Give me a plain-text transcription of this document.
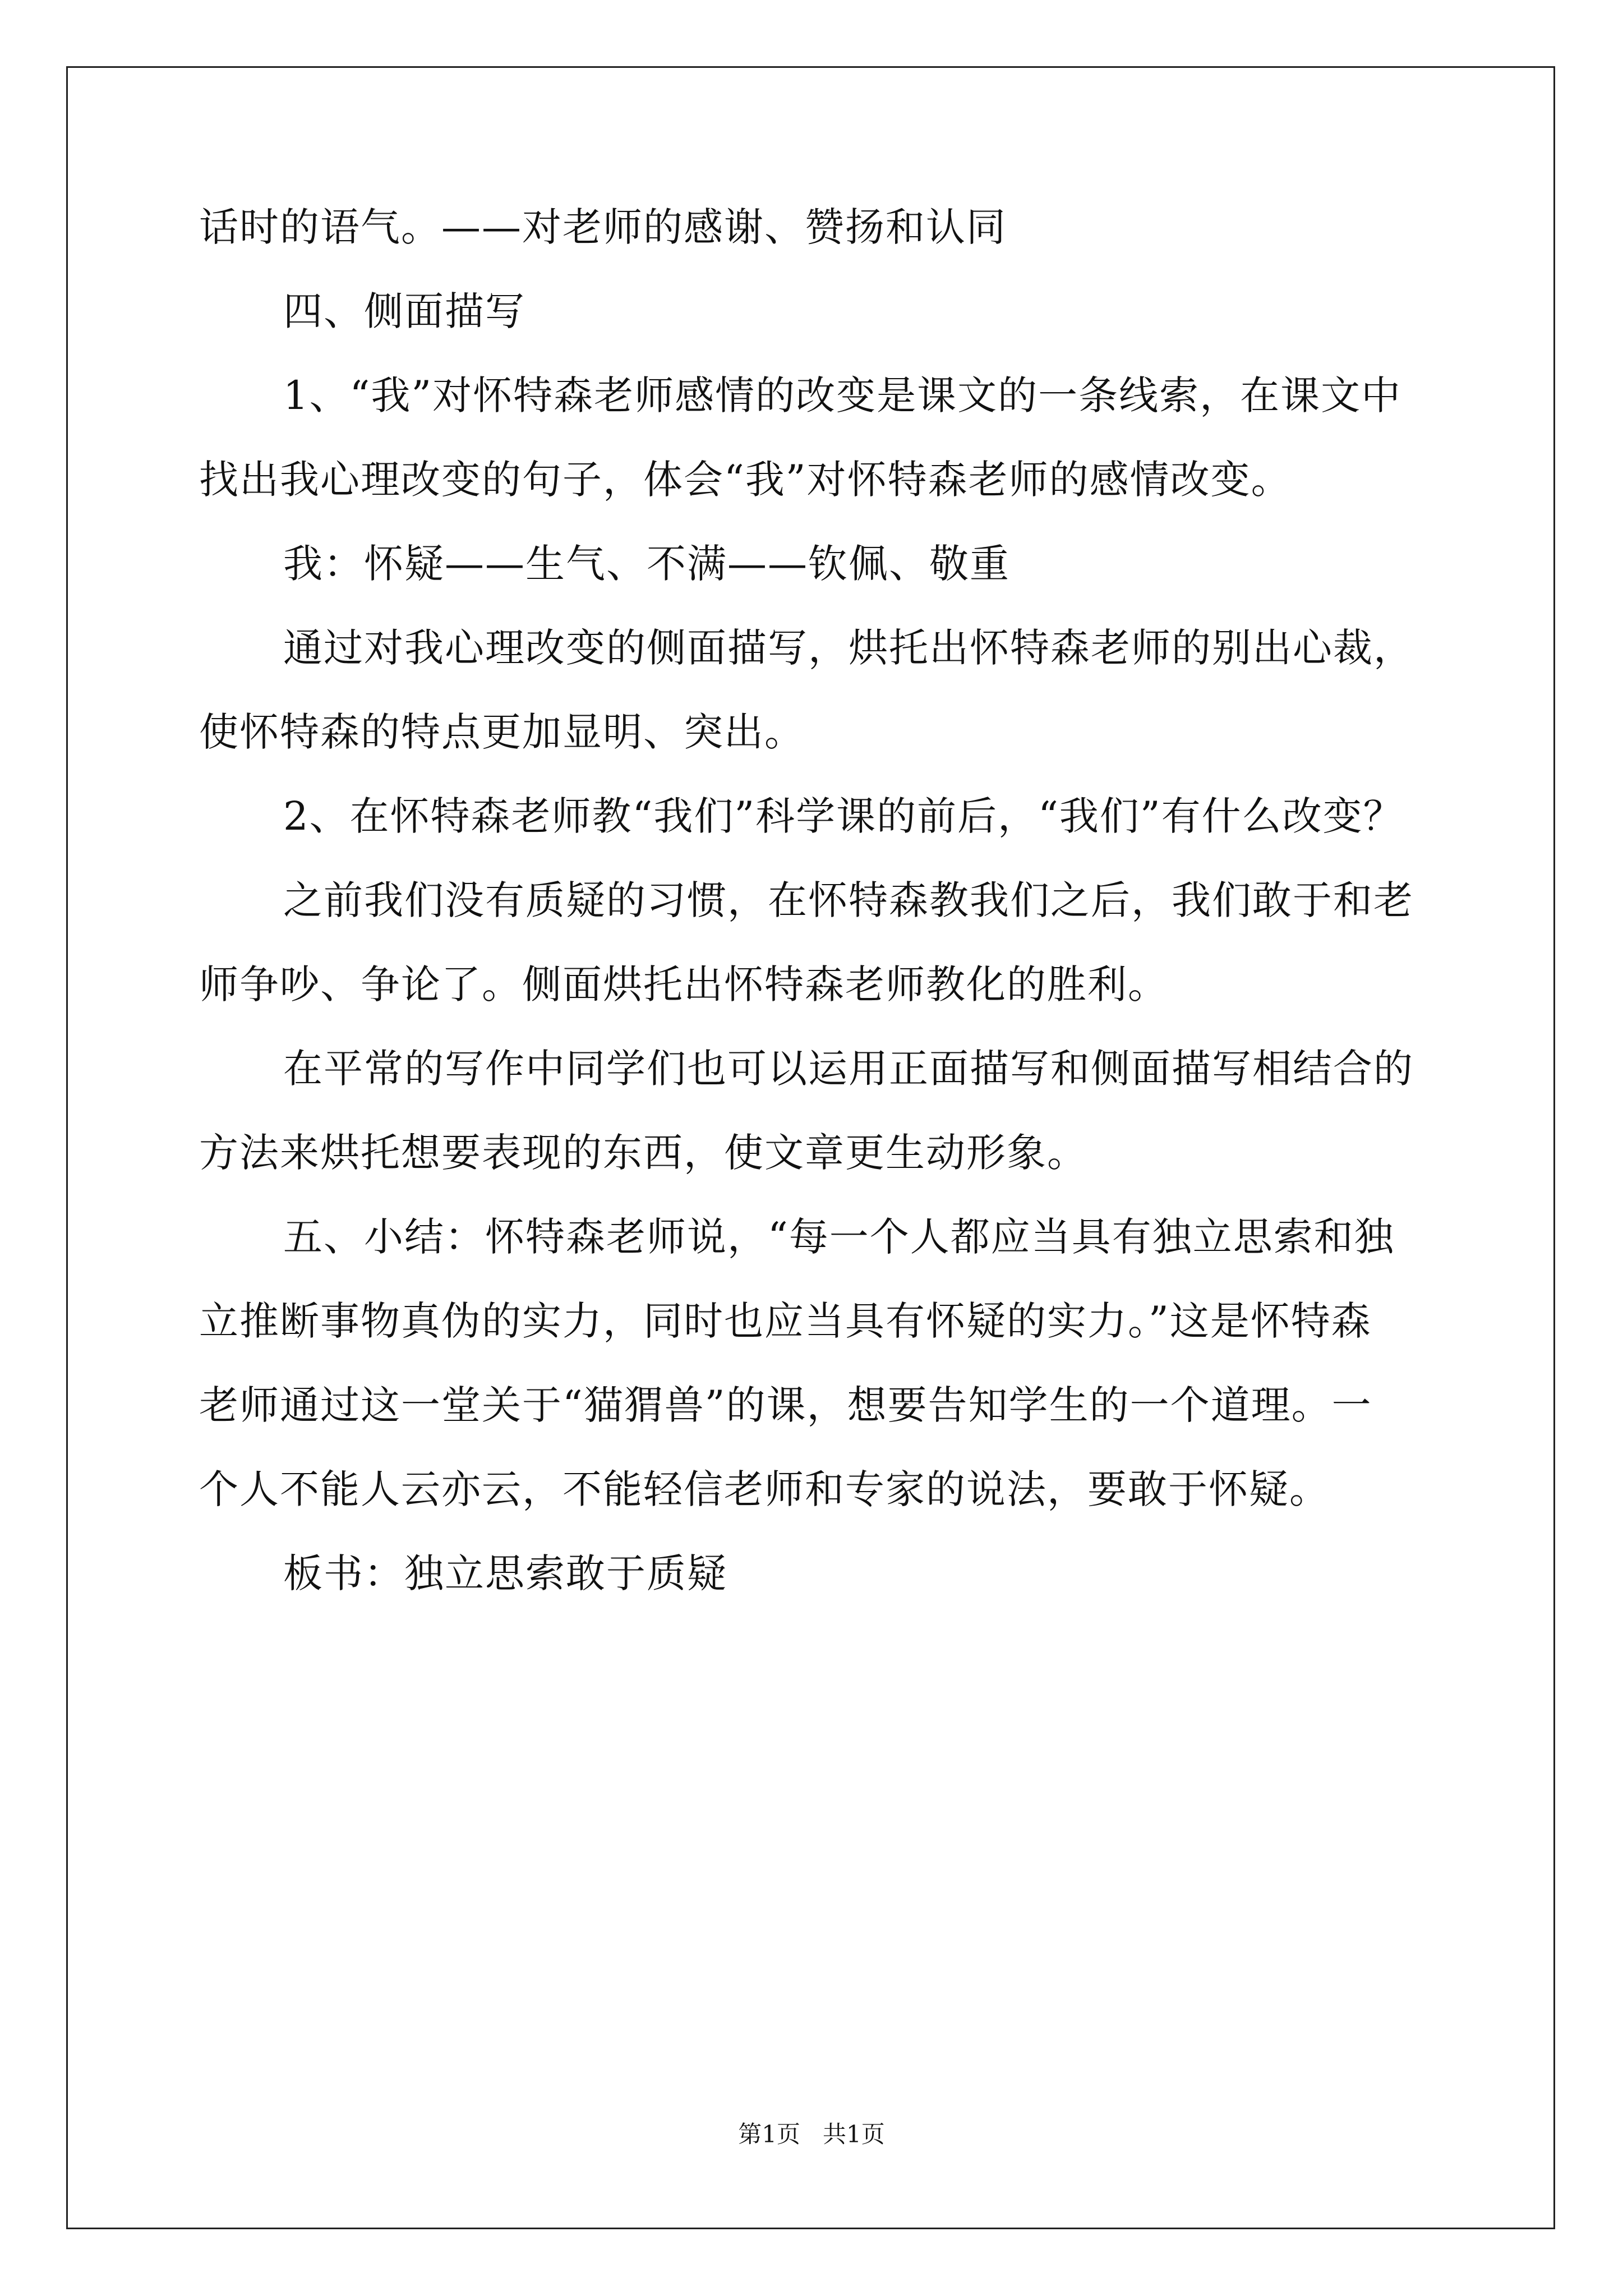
话时的语气。——对老师的感谢、赞扬和认同
四、侧面描写
1、“我”对怀特森老师感情的改变是课文的一条线索，在课文中
找出我心理改变的句子，体会“我”对怀特森老师的感情改变。
我：怀疑——生气、不满——钦佩、敬重
通过对我心理改变的侧面描写，烘托出怀特森老师的别出心裁，
使怀特森的特点更加显明、突出。
2、在怀特森老师教“我们”科学课的前后，“我们”有什么改变？
之前我们没有质疑的习惯，在怀特森教我们之后，我们敢于和老
师争吵、争论了。侧面烘托出怀特森老师教化的胜利。
在平常的写作中同学们也可以运用正面描写和侧面描写相结合的
方法来烘托想要表现的东西，使文章更生动形象。
五、小结：怀特森老师说，“每一个人都应当具有独立思索和独
立推断事物真伪的实力，同时也应当具有怀疑的实力。”这是怀特森
老师通过这一堂关于“猫猬兽”的课，想要告知学生的一个道理。一
个人不能人云亦云，不能轻信老师和专家的说法，要敢于怀疑。
板书：独立思索敢于质疑
第1页   共1页
